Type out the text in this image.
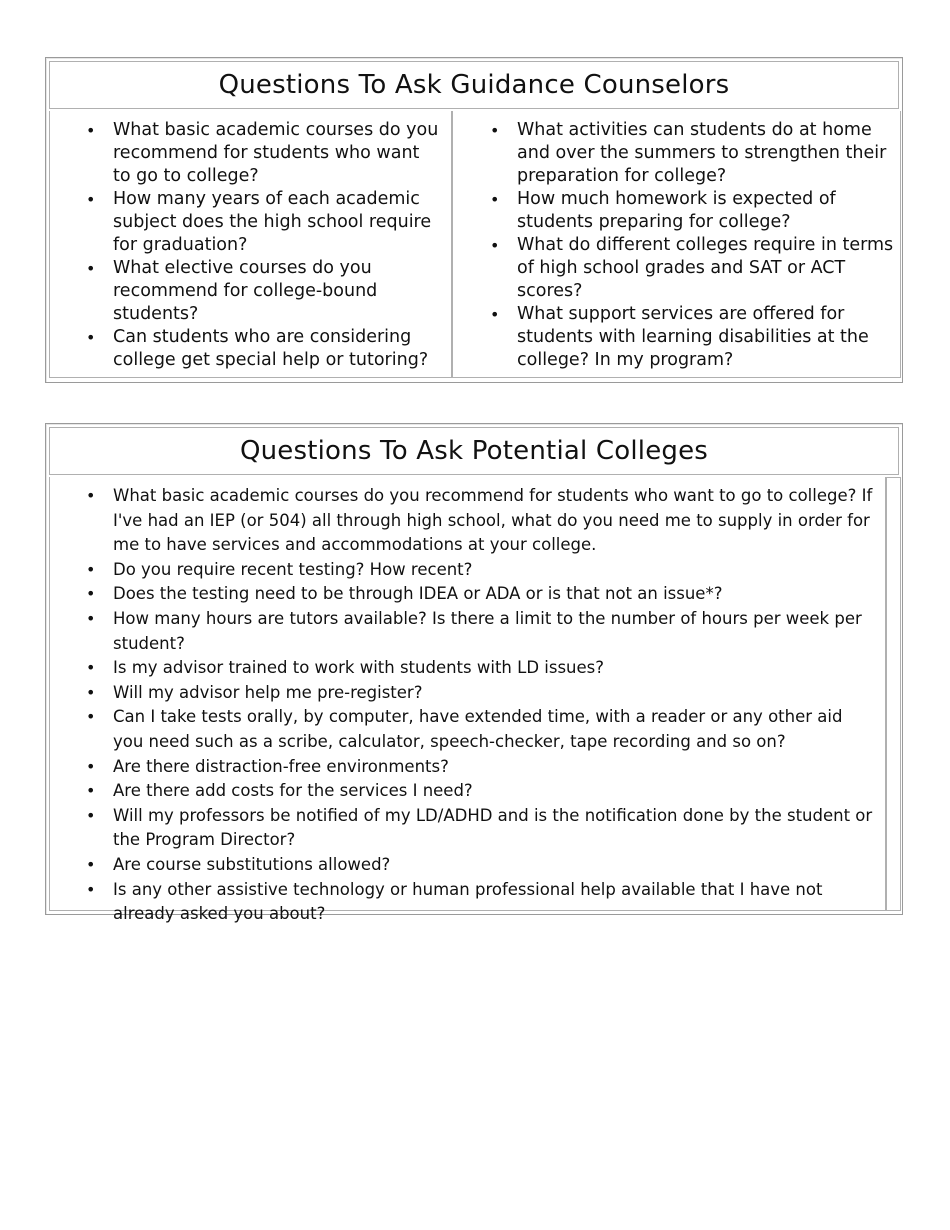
Questions To Ask Guidance Counselors
• What basic academic courses do you recommend for students who want to go to college?
• How many years of each academic subject does the high school require for graduation?
• What elective courses do you recommend for college-bound students?
• Can students who are considering college get special help or tutoring?
• What activities can students do at home and over the summers to strengthen their preparation for college?
• How much homework is expected of students preparing for college?
• What do different colleges require in terms of high school grades and SAT or ACT scores?
• What support services are offered for students with learning disabilities at the college? In my program?
Questions To Ask Potential Colleges
• What basic academic courses do you recommend for students who want to go to college? If I've had an IEP (or 504) all through high school, what do you need me to supply in order for me to have services and accommodations at your college.
• Do you require recent testing? How recent?
• Does the testing need to be through IDEA or ADA or is that not an issue*?
• How many hours are tutors available? Is there a limit to the number of hours per week per student?
• Is my advisor trained to work with students with LD issues?
• Will my advisor help me pre-register?
• Can I take tests orally, by computer, have extended time, with a reader or any other aid you need such as a scribe, calculator, speech-checker, tape recording and so on?
• Are there distraction-free environments?
• Are there add costs for the services I need?
• Will my professors be notified of my LD/ADHD and is the notification done by the student or the Program Director?
• Are course substitutions allowed?
• Is any other assistive technology or human professional help available that I have not already asked you about?
